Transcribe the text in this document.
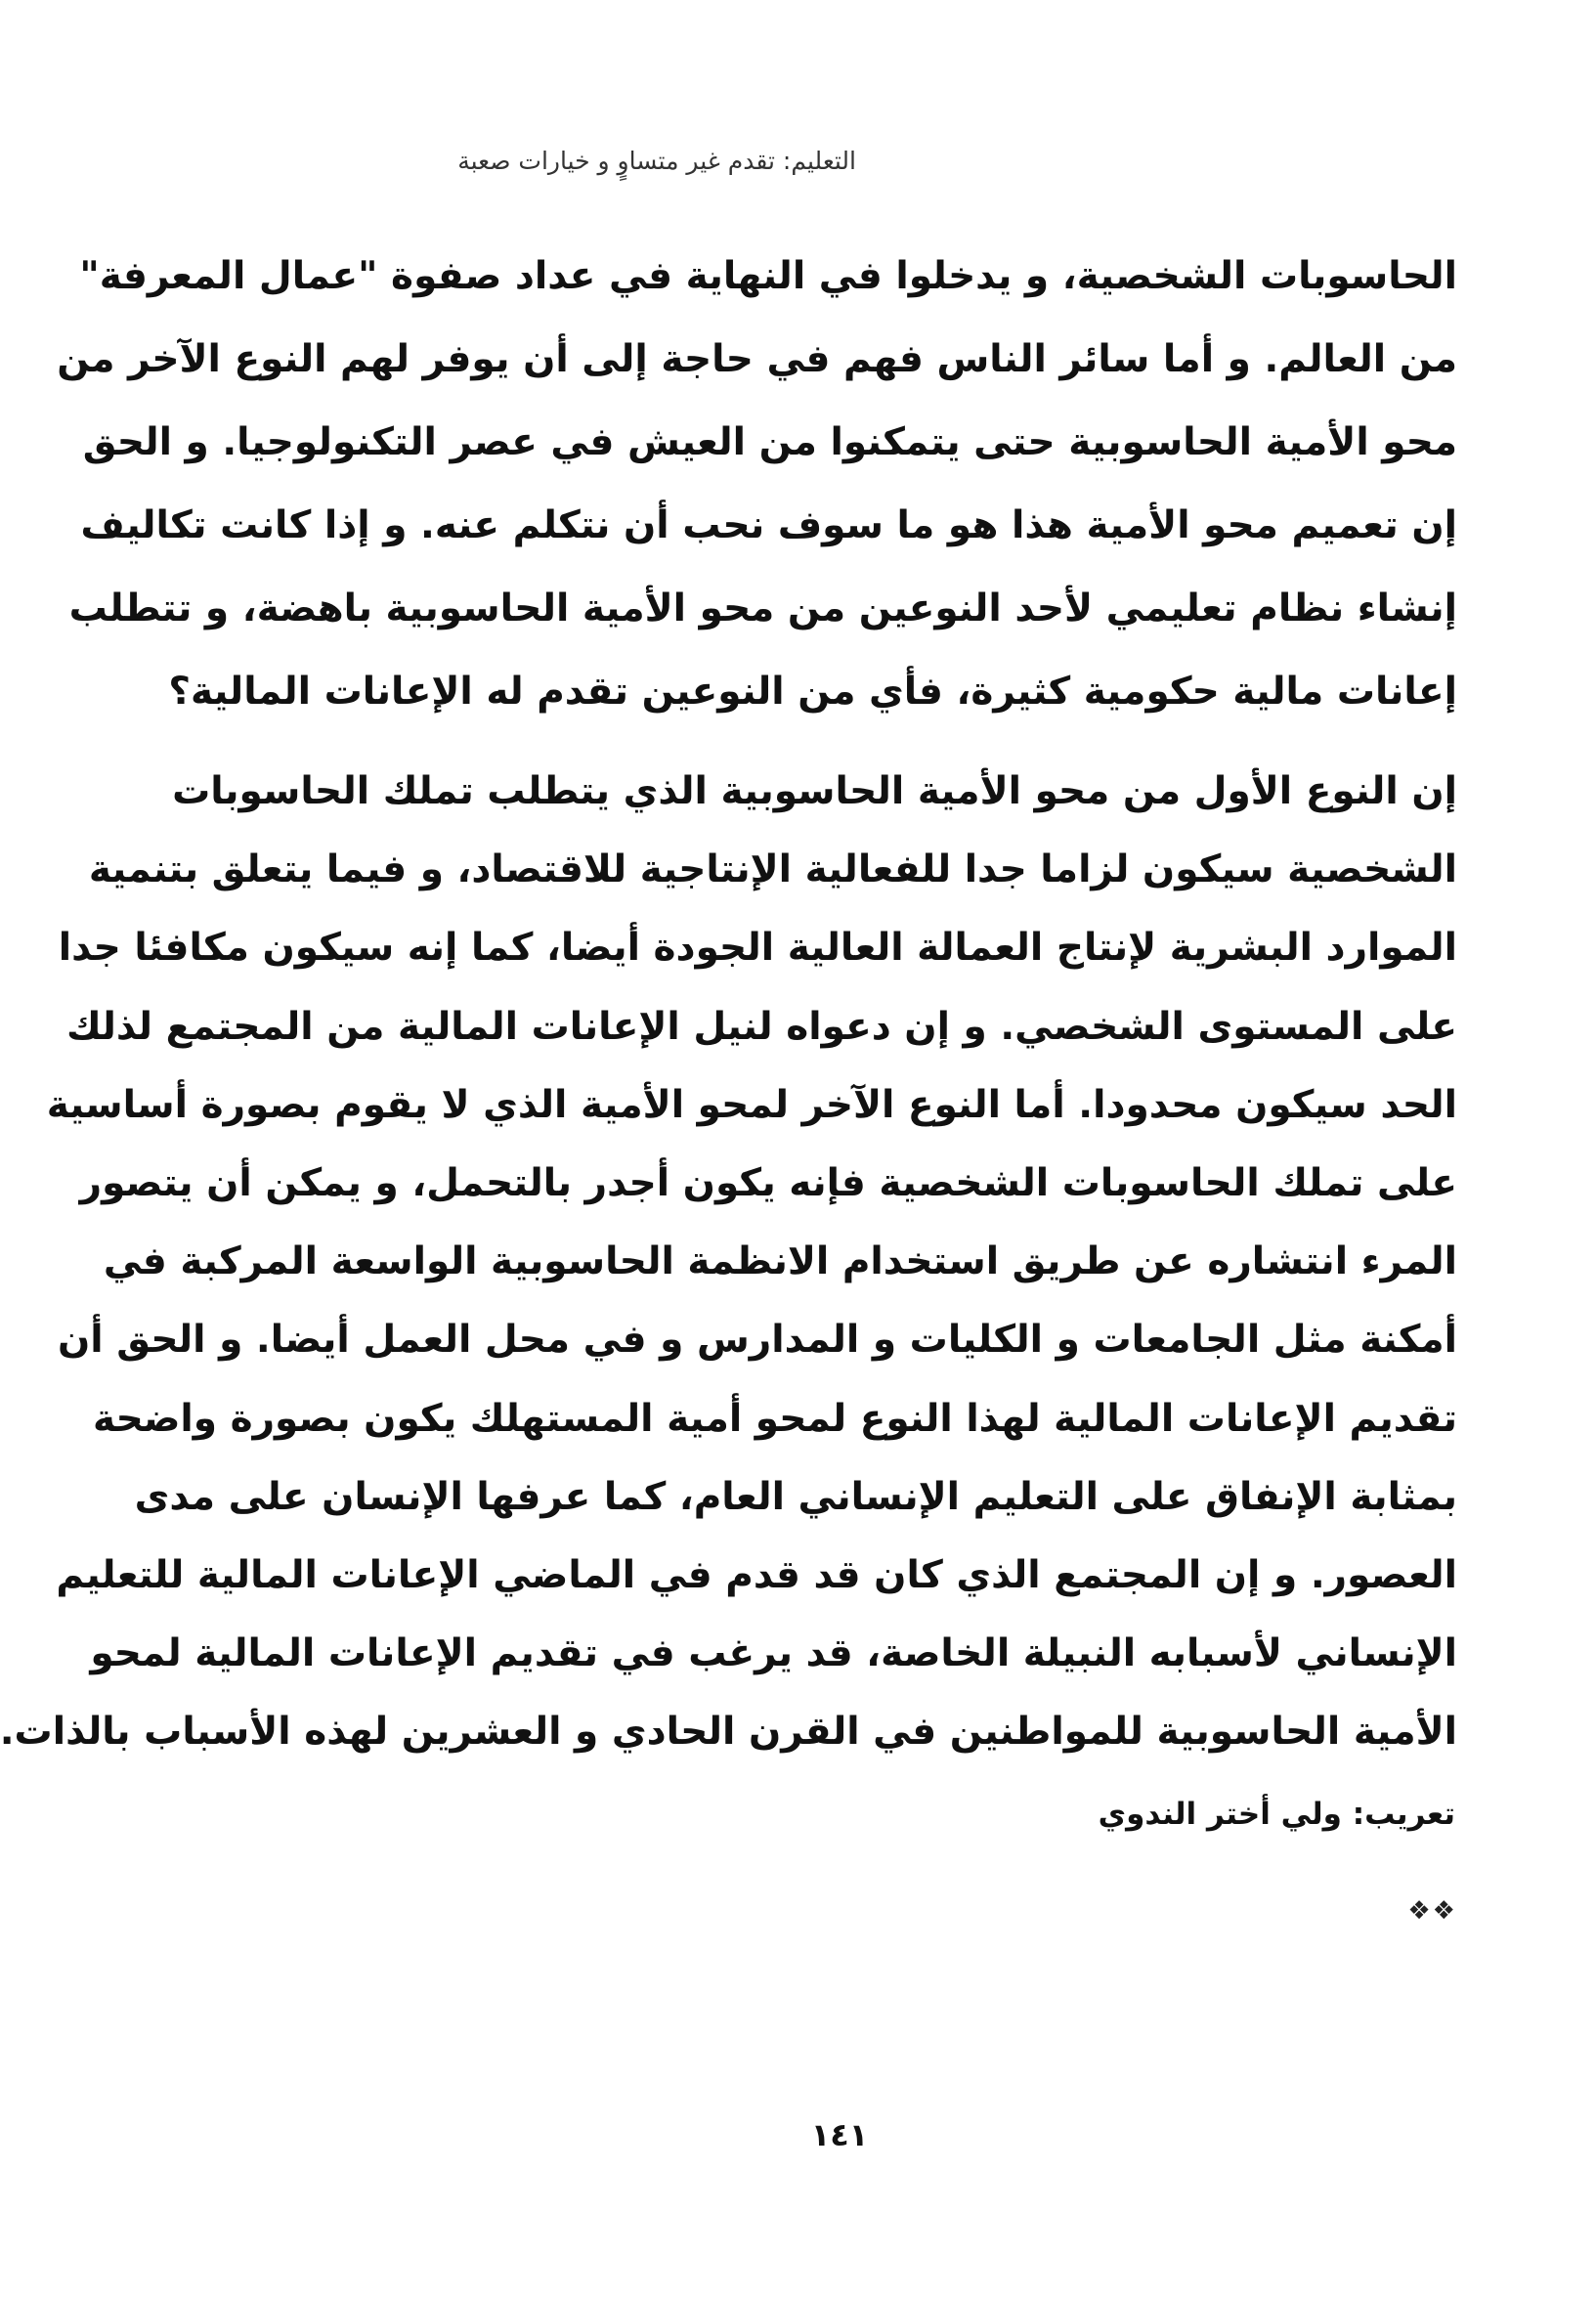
التعليم: تقدم غير متساوٍ و خيارات صعبة
الحاسوبات الشخصية، و يدخلوا في النهاية في عداد صفوة "عمال المعرفة"
من العالم. و أما سائر الناس فهم في حاجة إلى أن يوفر لهم النوع الآخر من
محو الأمية الحاسوبية حتى يتمكنوا من العيش في عصر التكنولوجيا. و الحق
إن تعميم محو الأمية هذا هو ما سوف نحب أن نتكلم عنه. و إذا كانت تكاليف
إنشاء نظام تعليمي لأحد النوعين من محو الأمية الحاسوبية باهضة، و تتطلب
إعانات مالية حكومية كثيرة، فأي من النوعين تقدم له الإعانات المالية؟
إن النوع الأول من محو الأمية الحاسوبية الذي يتطلب تملك الحاسوبات
الشخصية سيكون لزاما جدا للفعالية الإنتاجية للاقتصاد، و فيما يتعلق بتنمية
الموارد البشرية لإنتاج العمالة العالية الجودة أيضا، كما إنه سيكون مكافئا جدا
على المستوى الشخصي. و إن دعواه لنيل الإعانات المالية من المجتمع لذلك
الحد سيكون محدودا. أما النوع الآخر لمحو الأمية الذي لا يقوم بصورة أساسية
على تملك الحاسوبات الشخصية فإنه يكون أجدر بالتحمل، و يمكن أن يتصور
المرء انتشاره عن طريق استخدام الانظمة الحاسوبية الواسعة المركبة في
أمكنة مثل الجامعات و الكليات و المدارس و في محل العمل أيضا. و الحق أن
تقديم الإعانات المالية لهذا النوع لمحو أمية المستهلك يكون بصورة واضحة
بمثابة الإنفاق على التعليم الإنساني العام، كما عرفها الإنسان على مدى
العصور. و إن المجتمع الذي كان قد قدم في الماضي الإعانات المالية للتعليم
الإنساني لأسبابه النبيلة الخاصة، قد يرغب في تقديم الإعانات المالية لمحو
الأمية الحاسوبية للمواطنين في القرن الحادي و العشرين لهذه الأسباب بالذات.
تعريب: ولي أختر الندوي
❖❖
١٤١
